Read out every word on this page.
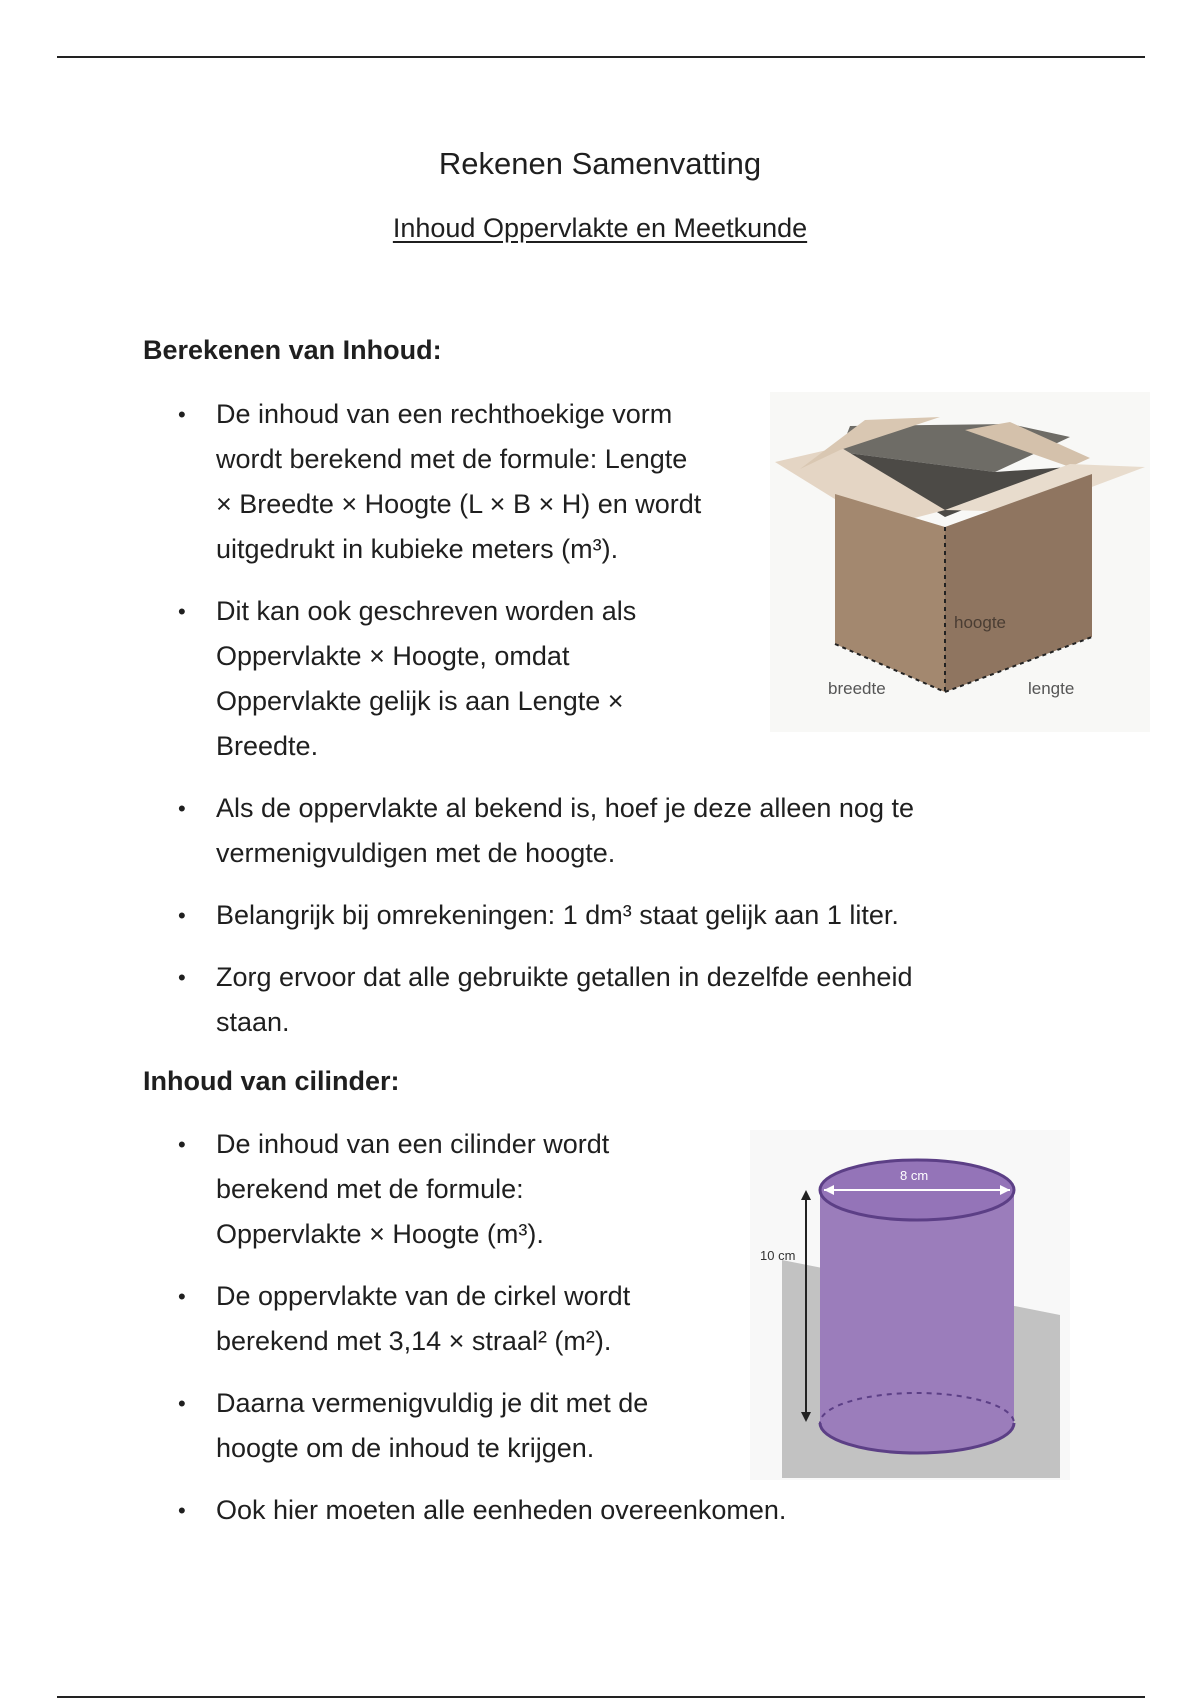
Rekenen Samenvatting
Inhoud Oppervlakte en Meetkunde
Berekenen van Inhoud:
• De inhoud van een rechthoekige vorm
wordt berekend met de formule: Lengte
× Breedte × Hoogte (L × B × H) en wordt
uitgedrukt in kubieke meters (m³).
• Dit kan ook geschreven worden als
Oppervlakte × Hoogte, omdat
Oppervlakte gelijk is aan Lengte ×
Breedte.
• Als de oppervlakte al bekend is, hoef je deze alleen nog te
vermenigvuldigen met de hoogte.
• Belangrijk bij omrekeningen: 1 dm³ staat gelijk aan 1 liter.
• Zorg ervoor dat alle gebruikte getallen in dezelfde eenheid
staan.
hoogte
breedte	lengte
Inhoud van cilinder:
• De inhoud van een cilinder wordt
berekend met de formule:
Oppervlakte × Hoogte (m³).
• De oppervlakte van de cirkel wordt
berekend met 3,14 × straal² (m²).
• Daarna vermenigvuldig je dit met de
hoogte om de inhoud te krijgen.
• Ook hier moeten alle eenheden overeenkomen.
8 cm
10 cm
